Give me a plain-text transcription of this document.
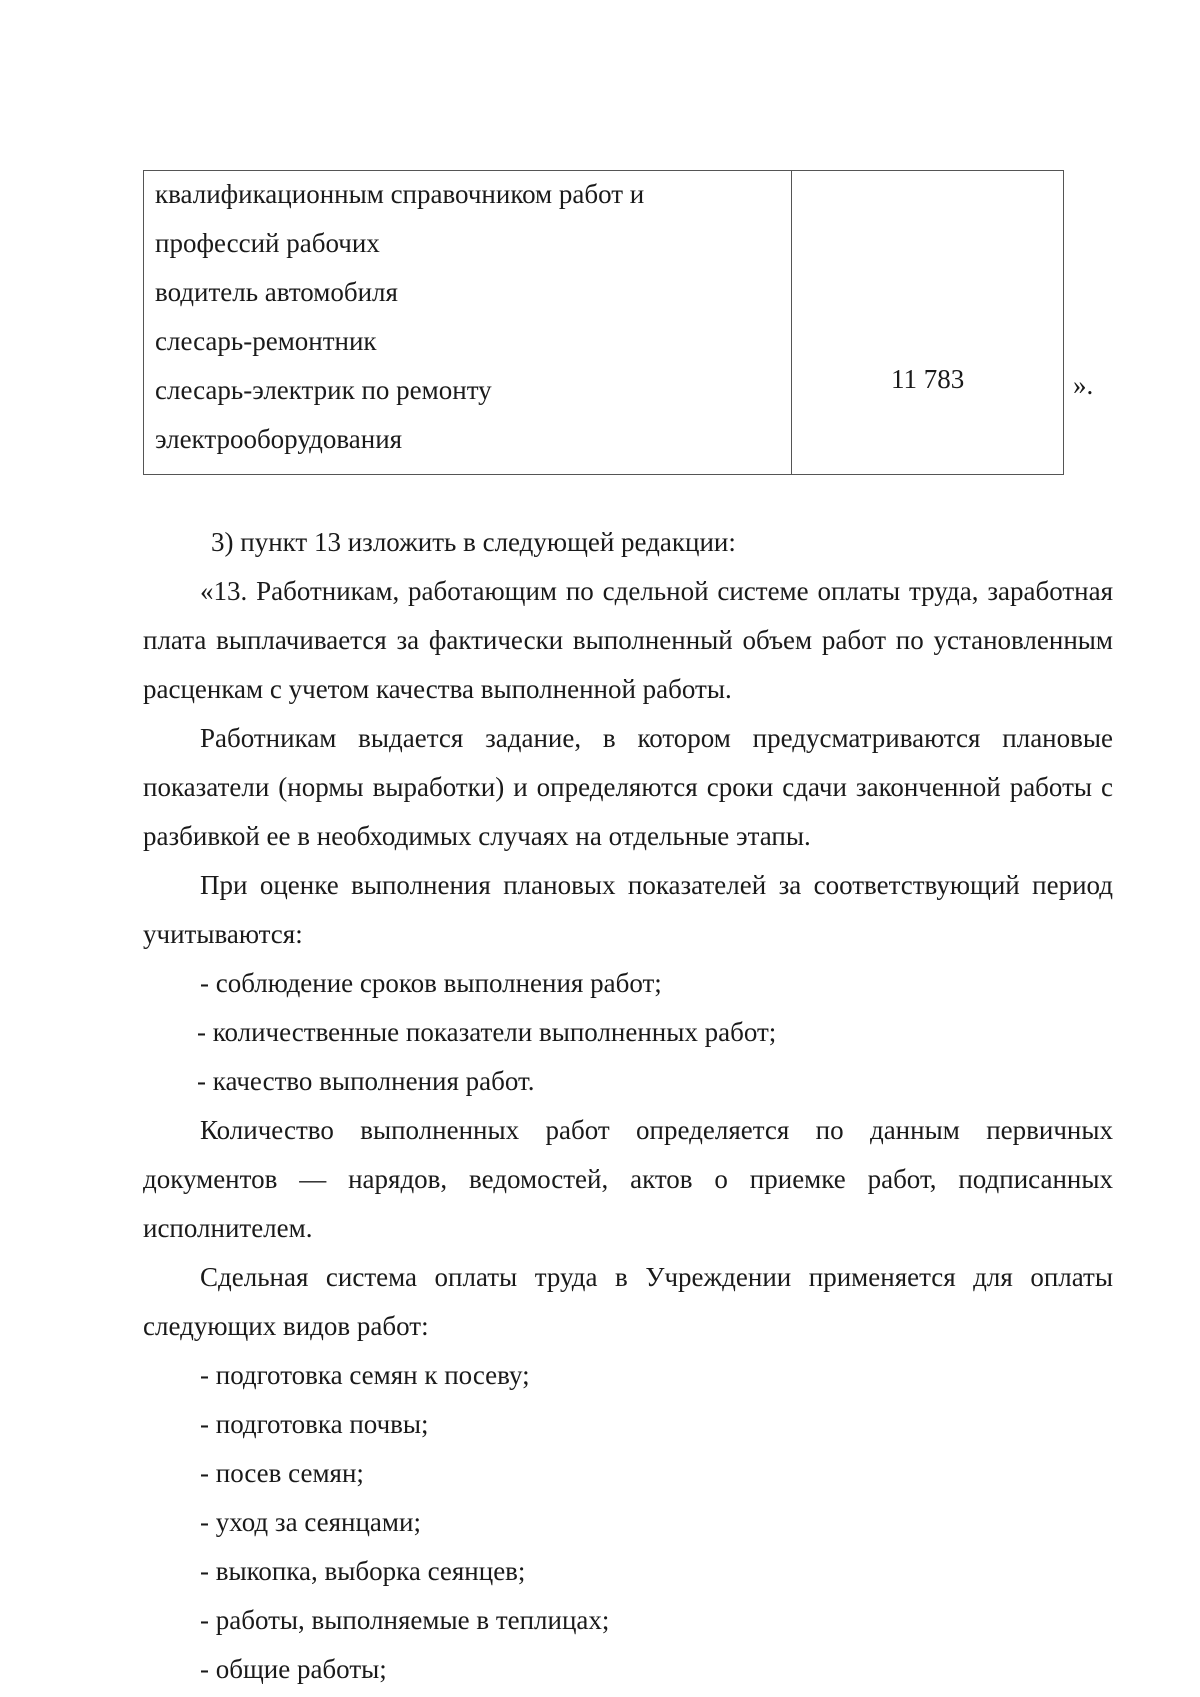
квалификационным справочником работ и
профессий рабочих
водитель автомобиля
слесарь-ремонтник
слесарь-электрик по ремонту
электрооборудования

11 783	».

3) пункт 13 изложить в следующей редакции:

«13. Работникам, работающим по сдельной системе оплаты труда, заработная плата выплачивается за фактически выполненный объем работ по установленным расценкам с учетом качества выполненной работы.

Работникам выдается задание, в котором предусматриваются плановые показатели (нормы выработки) и определяются сроки сдачи законченной работы с разбивкой ее в необходимых случаях на отдельные этапы.

При оценке выполнения плановых показателей за соответствующий период учитываются:

- соблюдение сроков выполнения работ;

- количественные показатели выполненных работ;

- качество выполнения работ.

Количество выполненных работ определяется по данным первичных документов — нарядов, ведомостей, актов о приемке работ, подписанных исполнителем.

Сдельная система оплаты труда в Учреждении применяется для оплаты следующих видов работ:

- подготовка семян к посеву;

- подготовка почвы;

- посев семян;

- уход за сеянцами;

- выкопка, выборка сеянцев;

- работы, выполняемые в теплицах;

- общие работы;
